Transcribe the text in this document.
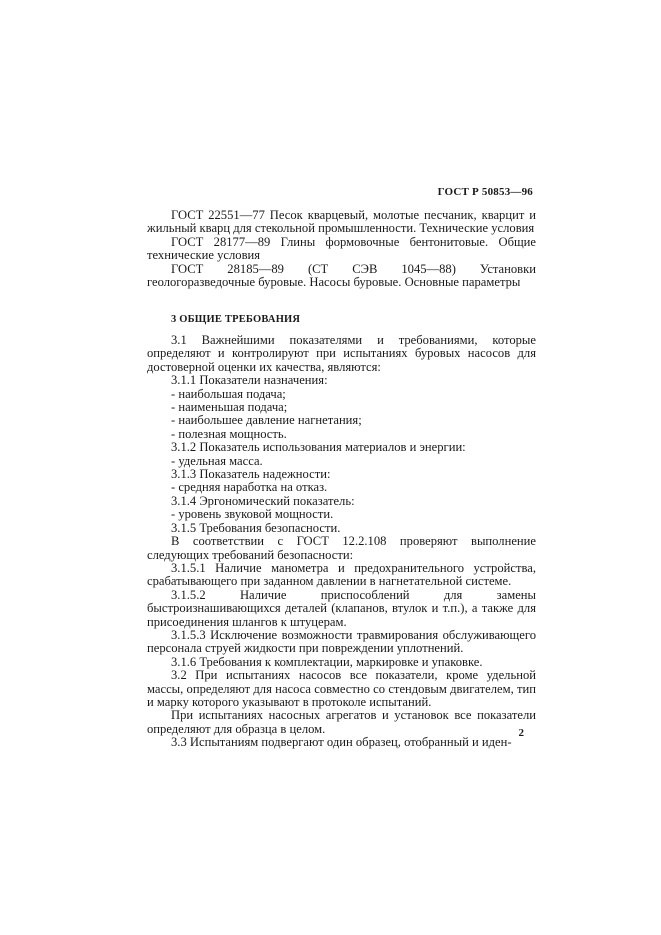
ГОСТ Р 50853—96

ГОСТ 22551—77 Песок кварцевый, молотые песчаник, кварцит и жильный кварц для стекольной промышленности. Технические условия

ГОСТ 28177—89 Глины формовочные бентонитовые. Общие технические условия

ГОСТ 28185—89 (СТ СЭВ 1045—88) Установки геологоразведочные буровые. Насосы буровые. Основные параметры

3 ОБЩИЕ ТРЕБОВАНИЯ

3.1 Важнейшими показателями и требованиями, которые определяют и контролируют при испытаниях буровых насосов для достоверной оценки их качества, являются:

3.1.1 Показатели назначения:

- наибольшая подача;

- наименьшая подача;

- наибольшее давление нагнетания;

- полезная мощность.

3.1.2 Показатель использования материалов и энергии:

- удельная масса.

3.1.3 Показатель надежности:

- средняя наработка на отказ.

3.1.4 Эргономический показатель:

- уровень звуковой мощности.

3.1.5 Требования безопасности.

В соответствии с ГОСТ 12.2.108 проверяют выполнение следующих требований безопасности:

3.1.5.1 Наличие манометра и предохранительного устройства, срабатывающего при заданном давлении в нагнетательной системе.

3.1.5.2 Наличие приспособлений для замены быстроизнашивающихся деталей (клапанов, втулок и т.п.), а также для присоединения шлангов к штуцерам.

3.1.5.3 Исключение возможности травмирования обслуживающего персонала струей жидкости при повреждении уплотнений.

3.1.6 Требования к комплектации, маркировке и упаковке.

3.2 При испытаниях насосов все показатели, кроме удельной массы, определяют для насоса совместно со стендовым двигателем, тип и марку которого указывают в протоколе испытаний.

При испытаниях насосных агрегатов и установок все показатели определяют для образца в целом.

3.3 Испытаниям подвергают один образец, отобранный и иден-

2
